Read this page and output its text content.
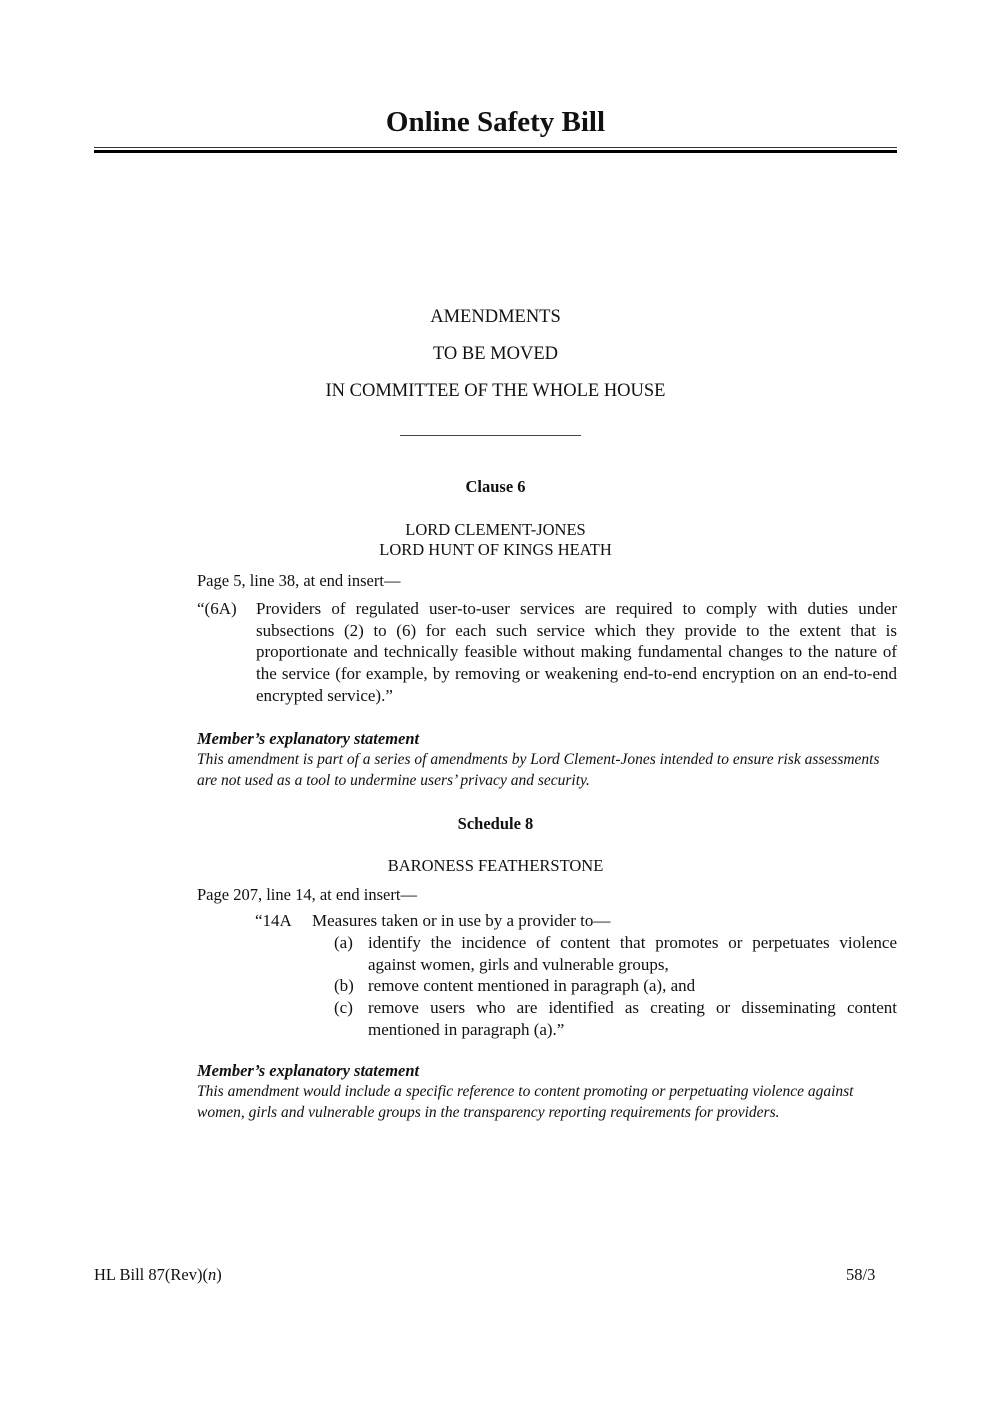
Online Safety Bill
AMENDMENTS
TO BE MOVED
IN COMMITTEE OF THE WHOLE HOUSE
Clause 6
LORD CLEMENT-JONES
LORD HUNT OF KINGS HEATH
Page 5, line 38, at end insert—
“(6A) Providers of regulated user-to-user services are required to comply with duties under subsections (2) to (6) for each such service which they provide to the extent that is proportionate and technically feasible without making fundamental changes to the nature of the service (for example, by removing or weakening end-to-end encryption on an end-to-end encrypted service).”
Member’s explanatory statement
This amendment is part of a series of amendments by Lord Clement-Jones intended to ensure risk assessments are not used as a tool to undermine users’ privacy and security.
Schedule 8
BARONESS FEATHERSTONE
Page 207, line 14, at end insert—
“14A Measures taken or in use by a provider to—
(a) identify the incidence of content that promotes or perpetuates violence against women, girls and vulnerable groups,
(b) remove content mentioned in paragraph (a), and
(c) remove users who are identified as creating or disseminating content mentioned in paragraph (a).”
Member’s explanatory statement
This amendment would include a specific reference to content promoting or perpetuating violence against women, girls and vulnerable groups in the transparency reporting requirements for providers.
HL Bill 87(Rev)(n)	58/3
